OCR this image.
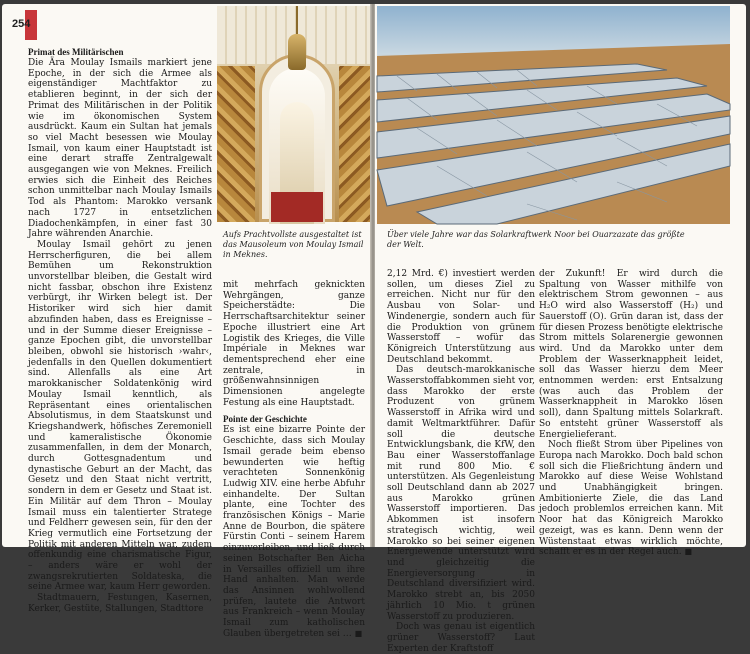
254
Primat des Militärischen

Die Ära Moulay Ismails markiert jene Epoche, in der sich die Armee als eigenständiger Machtfaktor zu etablieren beginnt, in der sich der Primat des Militärischen in der Politik wie im ökonomischen System ausdrückt. Kaum ein Sultan hat jemals so viel Macht besessen wie Moulay Ismail, von kaum einer Hauptstadt ist eine derart straffe Zentralgewalt ausgegangen wie von Meknes. Freilich erwies sich die Einheit des Reiches schon unmittelbar nach Moulay Ismails Tod als Phantom: Marokko versank nach 1727 in entsetzlichen Diadochenkämpfen, in einer fast 30 Jahre währenden Anarchie.

Moulay Ismail gehört zu jenen Herrscherfiguren, die bei allem Bemühen um Rekonstruktion unvorstellbar bleiben, die Gestalt wird nicht fassbar, obschon ihre Existenz verbürgt, ihr Wirken belegt ist. Der Historiker wird sich hier damit abzufinden haben, dass es Ereignisse – und in der Summe dieser Ereignisse – ganze Epochen gibt, die unvorstellbar bleiben, obwohl sie historisch ›wahr‹, jedenfalls in den Quellen dokumentiert sind. Allenfalls als eine Art marokkanischer Soldatenkönig wird Moulay Ismail kenntlich, als Repräsentant eines orientalischen Absolutismus, in dem Staatskunst und Kriegshandwerk, höfisches Zeremoniell und kameralistische Ökonomie zusammenfallen, in dem der Monarch, durch Gottesgnadentum und dynastische Geburt an der Macht, das Gesetz und den Staat nicht vertritt, sondern in dem er Gesetz und Staat ist. Ein Militär auf dem Thron – Moulay Ismail muss ein talentierter Stratege und Feldherr gewesen sein, für den der Krieg vermutlich eine Fortsetzung der Politik mit anderen Mitteln war, zudem offenkundig eine charismatische Figur, – anders wäre er wohl der zwangsrekrutierten Soldateska, die seine Armee war, kaum Herr geworden.

Stadtmauern, Festungen, Kasernen, Kerker, Gestüte, Stallungen, Stadttore

Aufs Prachtvollste ausgestaltet ist das Mausoleum von Moulay Ismail in Meknes.

mit mehrfach geknickten Wehrgängen, ganze Speicherstädte: Die Herrschaftsarchitektur seiner Epoche illustriert eine Art Logistik des Krieges, die Ville Impériale in Meknes war dementsprechend eher eine zentrale, in größenwahnsinnigen Dimensionen angelegte Festung als eine Hauptstadt.

Pointe der Geschichte

Es ist eine bizarre Pointe der Geschichte, dass sich Moulay Ismail gerade beim ebenso bewunderten wie heftig verachteten Sonnenkönig Ludwig XIV. eine herbe Abfuhr einhandelte. Der Sultan plante, eine Tochter des französischen Königs – Marie Anne de Bourbon, die spätere Fürstin Conti – seinem Harem einzuverleiben, und ließ durch seinen Botschafter Ben Aicha in Versailles offiziell um ihre Hand anhalten. Man werde das Ansinnen wohlwollend prüfen, lautete die Antwort aus Frankreich – wenn Moulay Ismail zum katholischen Glauben übergetreten sei … ■

Über viele Jahre war das Solarkraftwerk Noor bei Ouarzazate das größte der Welt.

2,12 Mrd. €) investiert werden sollen, um dieses Ziel zu erreichen. Nicht nur für den Ausbau von Solar- und Windenergie, sondern auch für die Produktion von grünem Wasserstoff – wofür das Königreich Unterstützung aus Deutschland bekommt.

Das deutsch-marokkanische Wasserstoffabkommen sieht vor, dass Marokko der erste Produzent von grünem Wasserstoff in Afrika wird und damit Weltmarktführer. Dafür soll die deutsche Entwicklungsbank, die KfW, den Bau einer Wasserstoffanlage mit rund 800 Mio. € unterstützen. Als Gegenleistung soll Deutschland dann ab 2027 aus Marokko grünen Wasserstoff importieren. Das Abkommen ist insofern strategisch wichtig, weil Marokko so bei seiner eigenen Energiewende unterstützt wird und gleichzeitig die Energieversorgung in Deutschland diversifiziert wird. Marokko strebt an, bis 2050 jährlich 10 Mio. t grünen Wasserstoff zu produzieren.

Doch was genau ist eigentlich grüner Wasserstoff? Laut Experten der Kraftstoff

der Zukunft! Er wird durch die Spaltung von Wasser mithilfe von elektrischem Strom gewonnen – aus H₂O wird also Wasserstoff (H₂) und Sauerstoff (O). Grün daran ist, dass der für diesen Prozess benötigte elektrische Strom mittels Solarenergie gewonnen wird. Und da Marokko unter dem Problem der Wasserknappheit leidet, soll das Wasser hierzu dem Meer entnommen werden: erst Entsalzung (was auch das Problem der Wasserknappheit in Marokko lösen soll), dann Spaltung mittels Solarkraft. So entsteht grüner Wasserstoff als Energielieferant.

Noch fließt Strom über Pipelines von Europa nach Marokko. Doch bald schon soll sich die Fließrichtung ändern und Marokko auf diese Weise Wohlstand und Unabhängigkeit bringen. Ambitionierte Ziele, die das Land jedoch problemlos erreichen kann. Mit Noor hat das Königreich Marokko gezeigt, was es kann. Denn wenn der Wüstenstaat etwas wirklich möchte, schafft er es in der Regel auch. ■
